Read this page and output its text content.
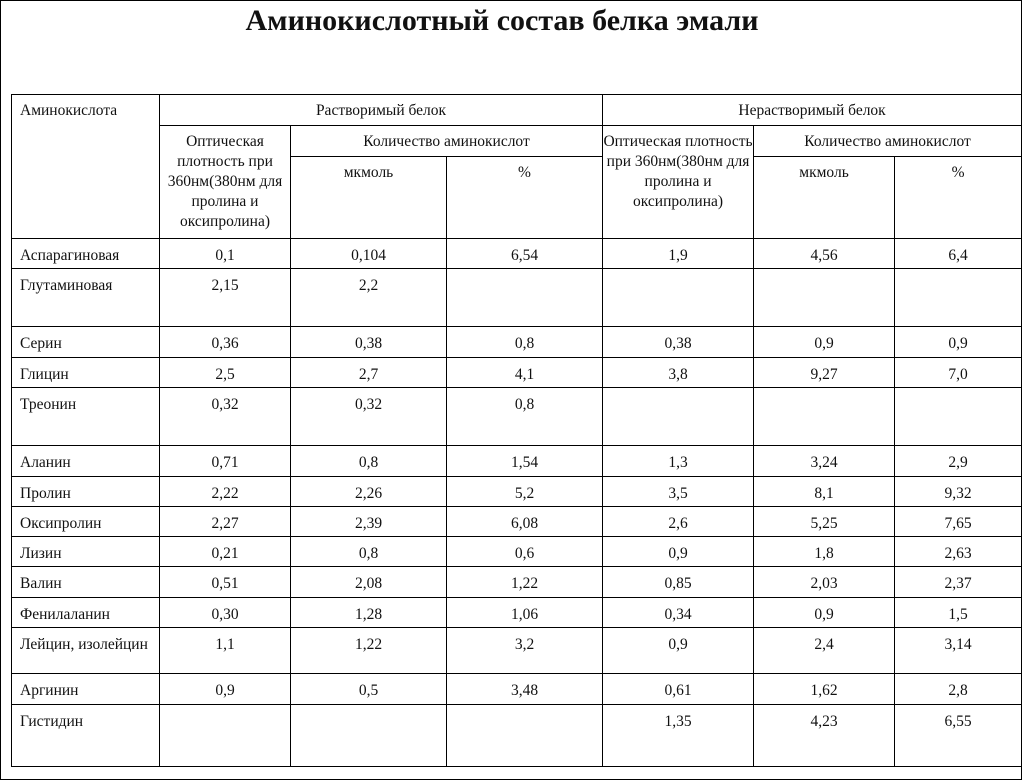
Аминокислотный состав белка эмали
Аминокислота	Растворимый белок			Нерастворимый белок		
	Оптическая плотность при 360нм(380нм для пролина и оксипролина)	Количество аминокислот		Оптическая плотность при 360нм(380нм для пролина и оксипролина)	Количество аминокислот	
		мкмоль	%		мкмоль	%
Аспарагиновая	0,1	0,104	6,54	1,9	4,56	6,4
Глутаминовая	2,15	2,2				
Серин	0,36	0,38	0,8	0,38	0,9	0,9
Глицин	2,5	2,7	4,1	3,8	9,27	7,0
Треонин	0,32	0,32	0,8			
Аланин	0,71	0,8	1,54	1,3	3,24	2,9
Пролин	2,22	2,26	5,2	3,5	8,1	9,32
Оксипролин	2,27	2,39	6,08	2,6	5,25	7,65
Лизин	0,21	0,8	0,6	0,9	1,8	2,63
Валин	0,51	2,08	1,22	0,85	2,03	2,37
Фенилаланин	0,30	1,28	1,06	0,34	0,9	1,5
Лейцин, изолейцин	1,1	1,22	3,2	0,9	2,4	3,14
Аргинин	0,9	0,5	3,48	0,61	1,62	2,8
Гистидин				1,35	4,23	6,55
